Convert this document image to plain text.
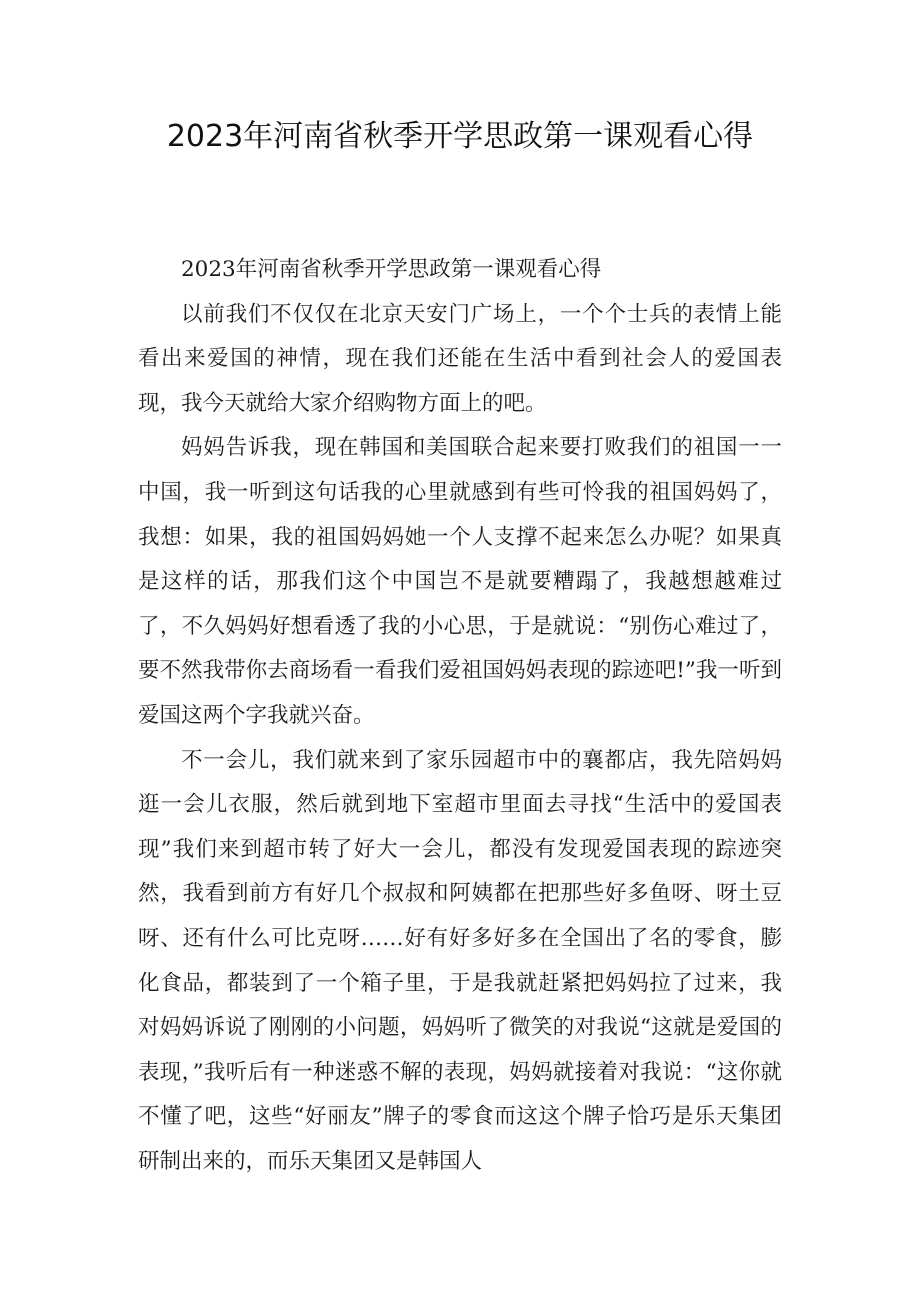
2023年河南省秋季开学思政第一课观看心得

2023年河南省秋季开学思政第一课观看心得

以前我们不仅仅在北京天安门广场上，一个个士兵的表情上能看出来爱国的神情，现在我们还能在生活中看到社会人的爱国表现，我今天就给大家介绍购物方面上的吧。

妈妈告诉我，现在韩国和美国联合起来要打败我们的祖国一一中国，我一听到这句话我的心里就感到有些可怜我的祖国妈妈了，我想：如果，我的祖国妈妈她一个人支撑不起来怎么办呢？如果真是这样的话，那我们这个中国岂不是就要糟蹋了，我越想越难过了，不久妈妈好想看透了我的小心思，于是就说：“别伤心难过了，要不然我带你去商场看一看我们爱祖国妈妈表现的踪迹吧!”我一听到爱国这两个字我就兴奋。

不一会儿，我们就来到了家乐园超市中的襄都店，我先陪妈妈逛一会儿衣服，然后就到地下室超市里面去寻找“生活中的爱国表现”我们来到超市转了好大一会儿，都没有发现爱国表现的踪迹突然，我看到前方有好几个叔叔和阿姨都在把那些好多鱼呀、呀土豆呀、还有什么可比克呀……好有好多好多在全国出了名的零食，膨化食品，都装到了一个箱子里，于是我就赶紧把妈妈拉了过来，我对妈妈诉说了刚刚的小问题，妈妈听了微笑的对我说“这就是爱国的表现，”我听后有一种迷惑不解的表现，妈妈就接着对我说：“这你就不懂了吧，这些“好丽友”牌子的零食而这这个牌子恰巧是乐天集团研制出来的，而乐天集团又是韩国人
